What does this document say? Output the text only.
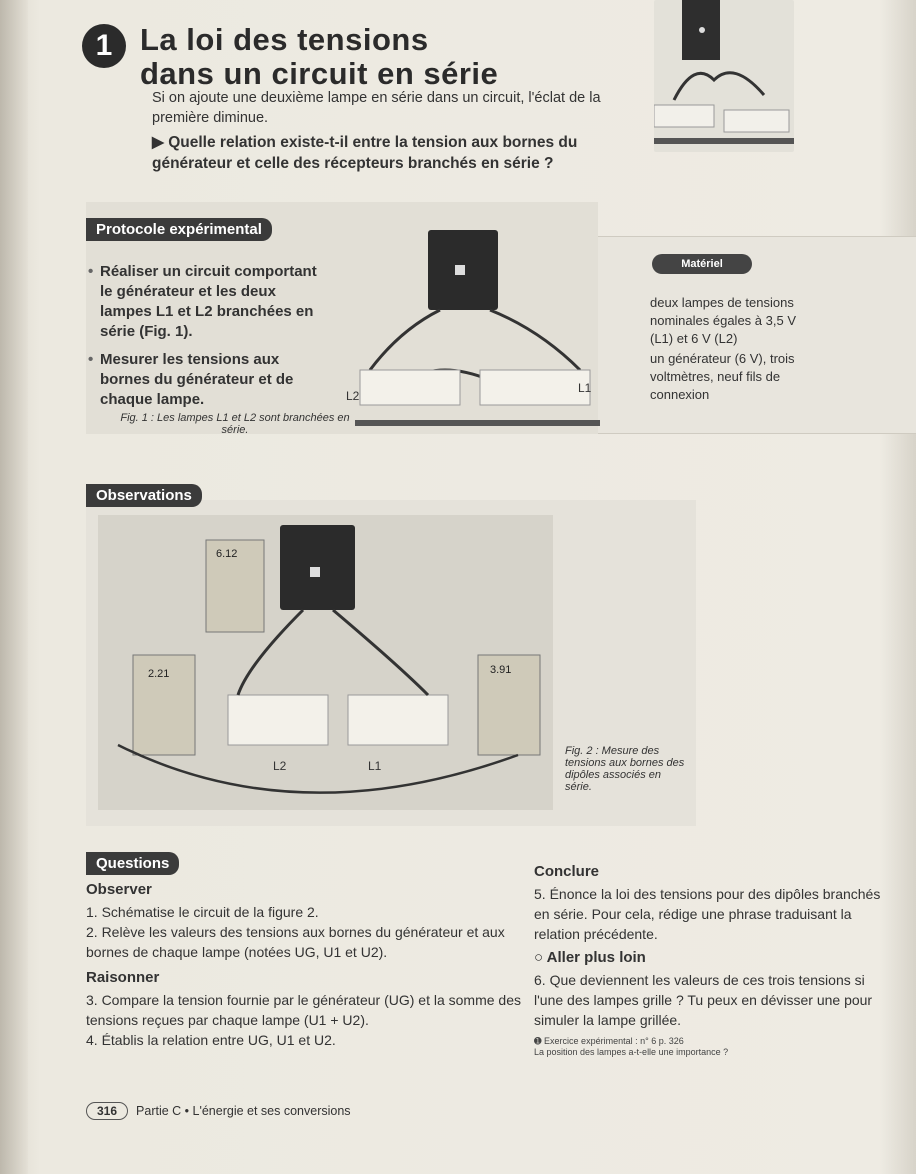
1 La loi des tensions
dans un circuit en série
Si on ajoute une deuxième lampe en série dans un circuit, l'éclat de la première diminue.
▶ Quelle relation existe-t-il entre la tension aux bornes du générateur et celle des récepteurs branchés en série ?
Protocole expérimental

• Réaliser un circuit comportant le générateur et les deux lampes L1 et L2 branchées en série (Fig. 1).

• Mesurer les tensions aux bornes du générateur et de chaque lampe.	L2
L1
Fig. 1 : Les lampes L1 et L2 sont branchées en série.
Matériel

deux lampes de tensions nominales égales à 3,5 V (L1) et 6 V (L2)

un générateur (6 V), trois voltmètres, neuf fils de connexion

Observations
6.12
2.21	3.91
L2	L1
Fig. 2 : Mesure des tensions aux bornes des dipôles associés en série.
Questions

Observer

1. Schématise le circuit de la figure 2.

2. Relève les valeurs des tensions aux bornes du générateur et aux bornes de chaque lampe (notées UG, U1 et U2).

Raisonner

3. Compare la tension fournie par le générateur (UG) et la somme des tensions reçues par chaque lampe (U1 + U2).

4. Établis la relation entre UG, U1 et U2.

Conclure

5. Énonce la loi des tensions pour des dipôles branchés en série. Pour cela, rédige une phrase traduisant la relation précédente.

○ Aller plus loin

6. Que deviennent les valeurs de ces trois tensions si l'une des lampes grille ? Tu peux en dévisser une pour simuler la lampe grillée.

➊ Exercice expérimental : n° 6 p. 326

La position des lampes a-t-elle une importance ?

316	Partie C • L'énergie et ses conversions
